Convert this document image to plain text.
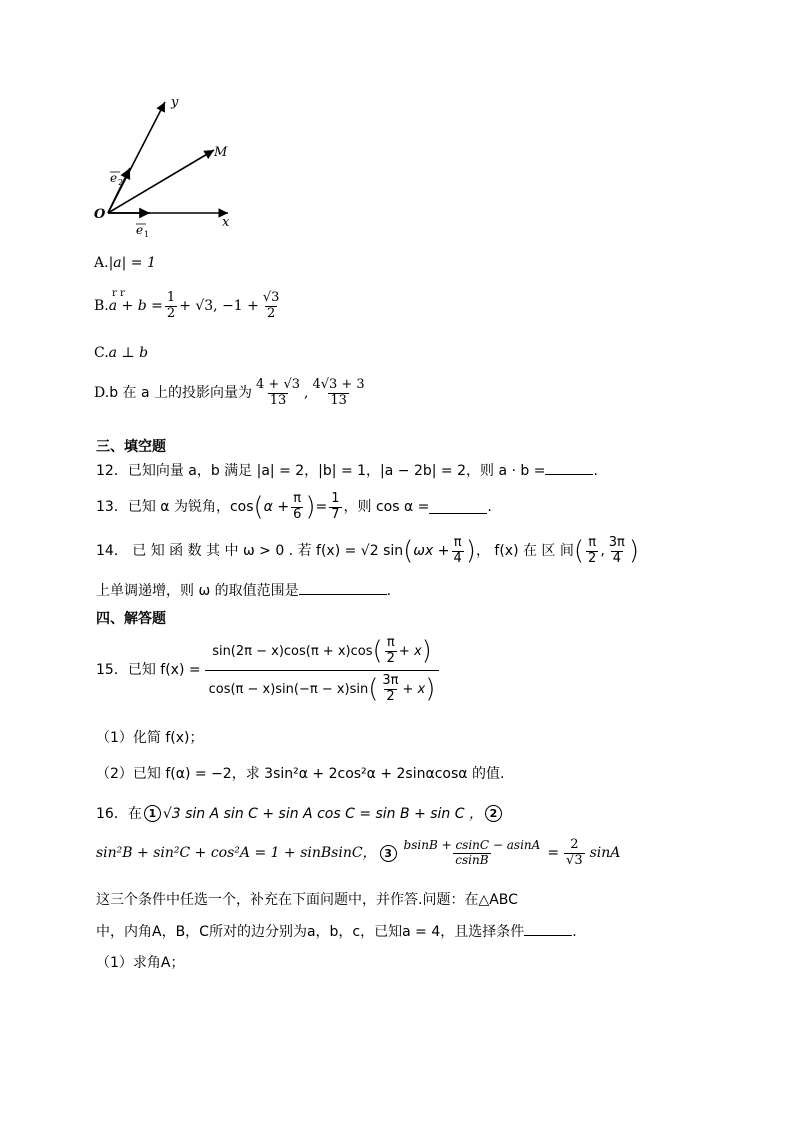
y
M
O
x
e 1
e 2
A.|a| = 1
r r
B. $a + b = \frac{1}{2} + √3$, $-1 + \frac{√3}{2}$
C.a ⊥ b
D. b 在 a 上的投影向量为 $\frac{4 + √3}{13}$ , $\frac{4√3 + 3}{13}$
三、填空题
12．已知向量 a，b 满足 |a| = 2，|b| = 1，|a − 2b| = 2，则 a · b =	.
13．已知 α 为锐角，cos ( $\alpha + \frac{\pi}{6}$ ) = $\frac{1}{7}$ ，则 cos α =	.
14． 已 知 函 数 其 中 ω > 0 . 若 f(x) = √2 sin ( $\omega x + \frac{\pi}{4}$ ) ， f(x) 在 区 间 ( $\frac{\pi}{2}$ , $\frac{3\pi}{4}$ )
上单调递增，则 ω 的取值范围是	.
四、解答题
15．已知 $f(x) = \frac{\sin(2\pi - x)\cos(\pi + x)\cos ( \frac{\pi}{2} + x )}{\cos(\pi - x)\sin(-\pi - x)\sin ( \frac{3\pi}{2} + x )}$
（1）化简 f(x)；
（2）已知 f(α) = −2，求 3sin²α + 2cos²α + 2sinαcosα 的值.
16．在 1 √3 sin A sin C + sin A cos C = sin B + sin C ， 2
sin²B + sin²C + cos²A = 1 + sinBsinC， $3 \frac{bsinB + csinC - asinA}{csinB} = \frac{2}{√3}$ sinA
这三个条件中任选一个，补充在下面问题中，并作答.问题：在△ABC
中，内角A，B，C所对的边分别为a，b，c，已知a = 4，且选择条件	.
（1）求角A；
